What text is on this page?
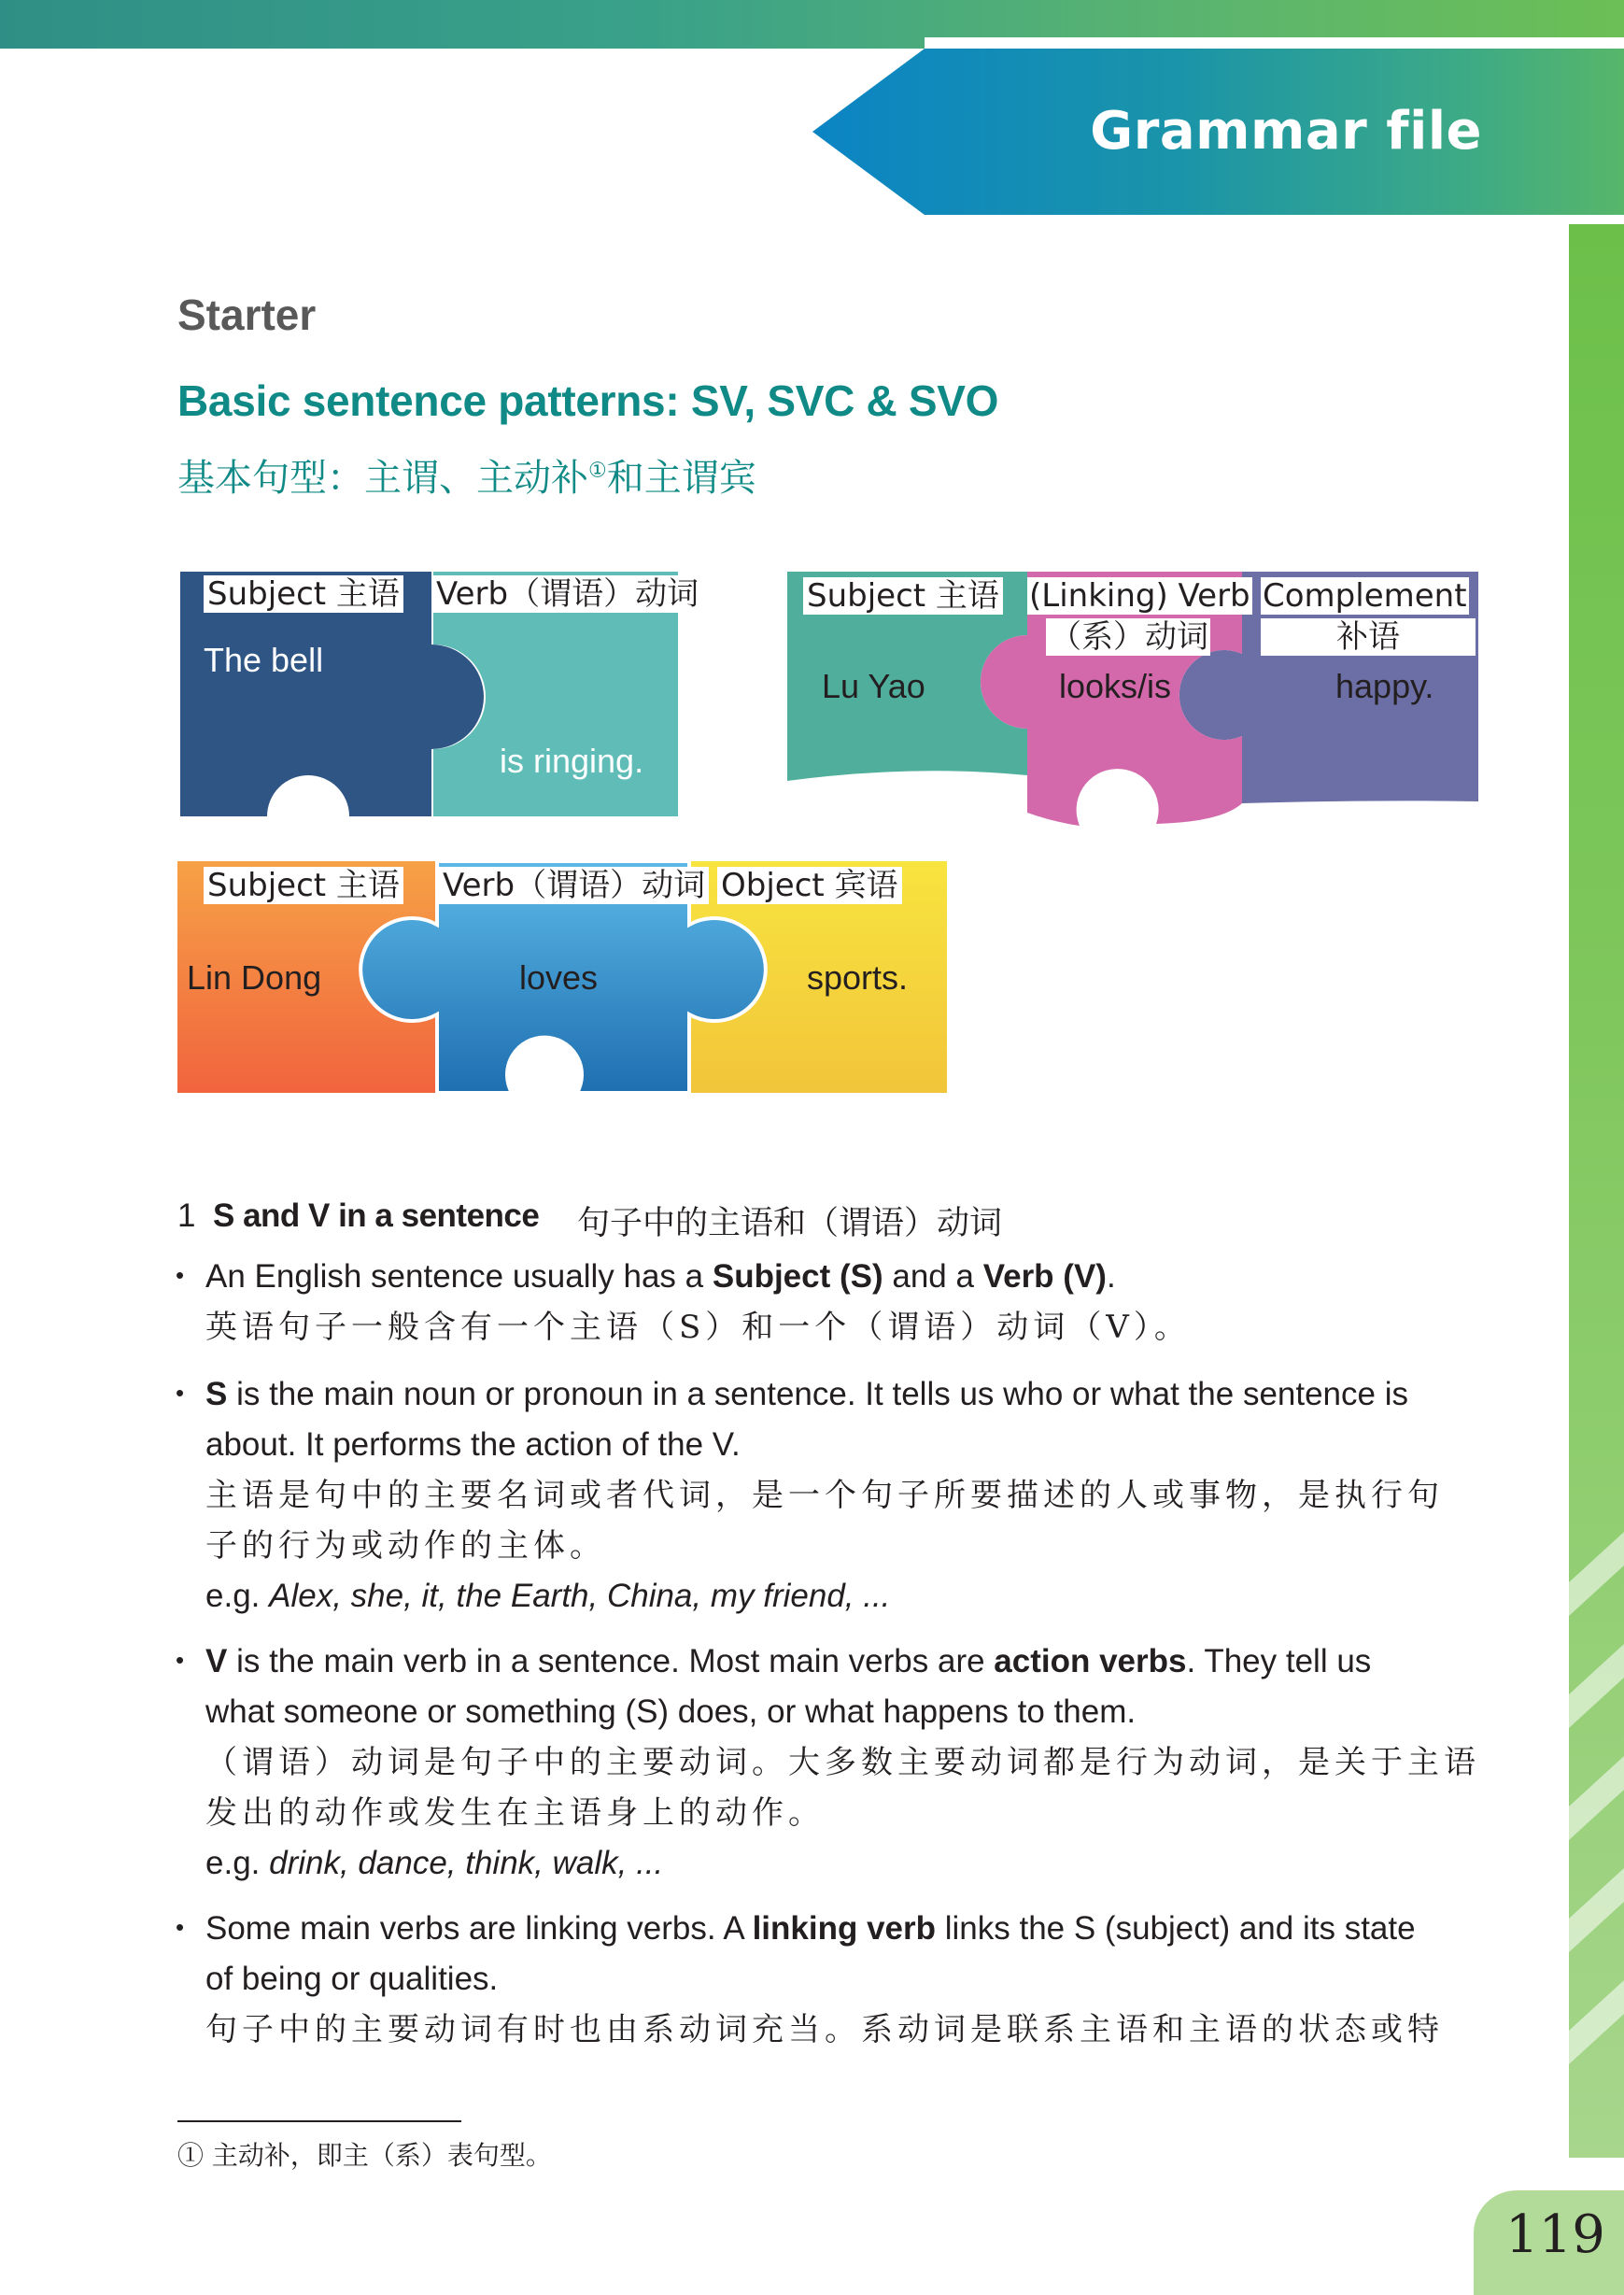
Grammar file
Starter
Basic sentence patterns: SV, SVC & SVO
基本句型：主谓、主动补①和主谓宾
Subject 主语 Verb（谓语）动词
The bell
is ringing.
Subject 主语 (Linking) Verb
（系）动词
Complement
补语
Lu Yao	looks/is	happy.
Subject 主语 Verb（谓语）动词 Object 宾语
Lin Dong	loves	sports.
1 S and V in a sentence 句子中的主语和（谓语）动词
• An English sentence usually has a Subject (S) and a Verb (V).
英语句子一般含有一个主语（S）和一个（谓语）动词（V）。
• S is the main noun or pronoun in a sentence. It tells us who or what the sentence is
about. It performs the action of the V.
主语是句中的主要名词或者代词，是一个句子所要描述的人或事物，是执行句
子的行为或动作的主体。
e.g. Alex, she, it, the Earth, China, my friend, ...
• V is the main verb in a sentence. Most main verbs are action verbs. They tell us
what someone or something (S) does, or what happens to them.
（谓语）动词是句子中的主要动词。大多数主要动词都是行为动词，是关于主语
发出的动作或发生在主语身上的动作。
e.g. drink, dance, think, walk, ...
• Some main verbs are linking verbs. A linking verb links the S (subject) and its state
of being or qualities.
句子中的主要动词有时也由系动词充当。系动词是联系主语和主语的状态或特
① 主动补，即主（系）表句型。
119
